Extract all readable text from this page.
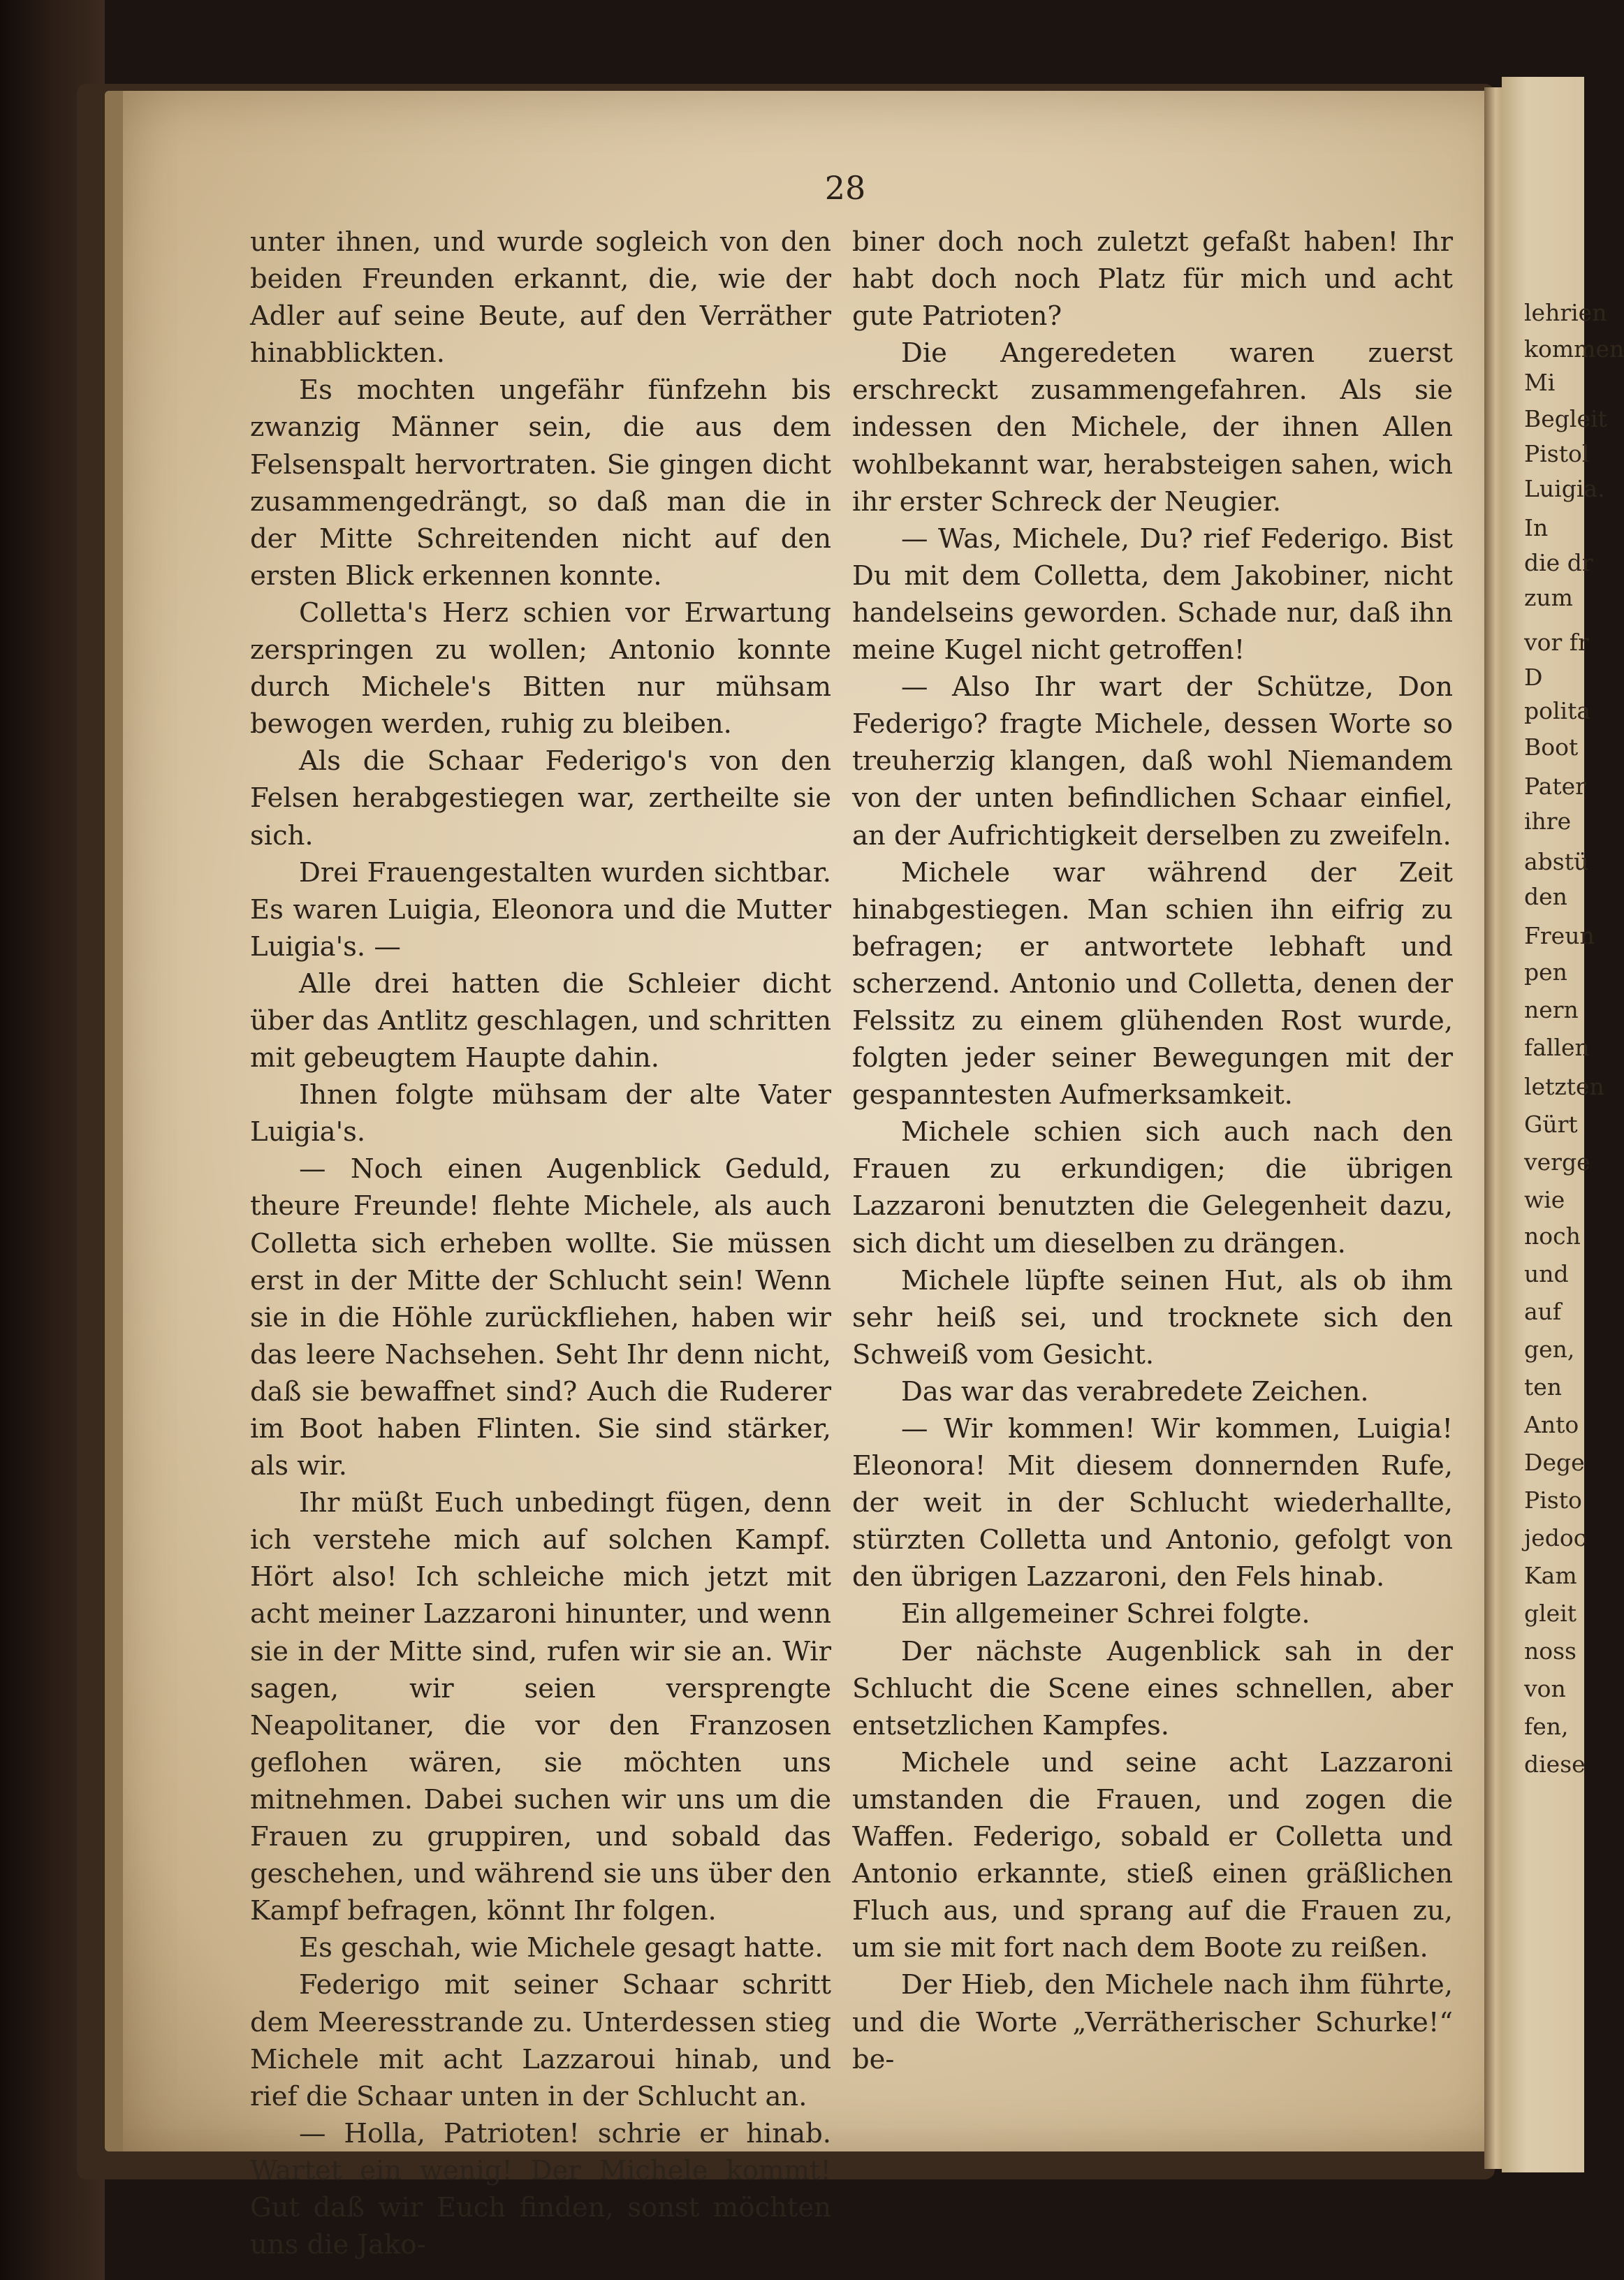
lehrien
kommen
Mi
Begleit
Pistol
Luigia.
In
die dr
zum
vor fr
D
polita
Boot
Pater
ihre
abstü
den
Freun
pen
nern
fallen
letzten
Gürt
verge
wie
noch
und
auf
gen,
ten
Anto
Dege
Pisto
jedoc
Kam
gleit
noss
von
fen,
diese
28

unter ihnen, und wurde sogleich von den beiden Freunden erkannt, die, wie der Adler auf seine Beute, auf den Verräther hinabblickten.

Es mochten ungefähr fünfzehn bis zwanzig Männer sein, die aus dem Felsenspalt hervortraten. Sie gingen dicht zusammengedrängt, so daß man die in der Mitte Schreitenden nicht auf den ersten Blick erkennen konnte.

Colletta's Herz schien vor Erwartung zerspringen zu wollen; Antonio konnte durch Michele's Bitten nur mühsam bewogen werden, ruhig zu bleiben.

Als die Schaar Federigo's von den Felsen herabgestiegen war, zertheilte sie sich.

Drei Frauengestalten wurden sichtbar. Es waren Luigia, Eleonora und die Mutter Luigia's. —

Alle drei hatten die Schleier dicht über das Antlitz geschlagen, und schritten mit gebeugtem Haupte dahin.

Ihnen folgte mühsam der alte Vater Luigia's.

— Noch einen Augenblick Geduld, theure Freunde! flehte Michele, als auch Colletta sich erheben wollte. Sie müssen erst in der Mitte der Schlucht sein! Wenn sie in die Höhle zurückfliehen, haben wir das leere Nachsehen. Seht Ihr denn nicht, daß sie bewaffnet sind? Auch die Ruderer im Boot haben Flinten. Sie sind stärker, als wir.

Ihr müßt Euch unbedingt fügen, denn ich verstehe mich auf solchen Kampf. Hört also! Ich schleiche mich jetzt mit acht meiner Lazzaroni hinunter, und wenn sie in der Mitte sind, rufen wir sie an. Wir sagen, wir seien versprengte Neapolitaner, die vor den Franzosen geflohen wären, sie möchten uns mitnehmen. Dabei suchen wir uns um die Frauen zu gruppiren, und sobald das geschehen, und während sie uns über den Kampf befragen, könnt Ihr folgen.

Es geschah, wie Michele gesagt hatte.

Federigo mit seiner Schaar schritt dem Meeresstrande zu. Unterdessen stieg Michele mit acht Lazzaroui hinab, und rief die Schaar unten in der Schlucht an.

— Holla, Patrioten! schrie er hinab. Wartet ein wenig! Der Michele kommt! Gut daß wir Euch finden, sonst möchten uns die Jako-

biner doch noch zuletzt gefaßt haben! Ihr habt doch noch Platz für mich und acht gute Patrioten?

Die Angeredeten waren zuerst erschreckt zusammengefahren. Als sie indessen den Michele, der ihnen Allen wohlbekannt war, herabsteigen sahen, wich ihr erster Schreck der Neugier.

— Was, Michele, Du? rief Federigo. Bist Du mit dem Colletta, dem Jakobiner, nicht handelseins geworden. Schade nur, daß ihn meine Kugel nicht getroffen!

— Also Ihr wart der Schütze, Don Federigo? fragte Michele, dessen Worte so treuherzig klangen, daß wohl Niemandem von der unten befindlichen Schaar einfiel, an der Aufrichtigkeit derselben zu zweifeln.

Michele war während der Zeit hinabgestiegen. Man schien ihn eifrig zu befragen; er antwortete lebhaft und scherzend. Antonio und Colletta, denen der Felssitz zu einem glühenden Rost wurde, folgten jeder seiner Bewegungen mit der gespanntesten Aufmerksamkeit.

Michele schien sich auch nach den Frauen zu erkundigen; die übrigen Lazzaroni benutzten die Gelegenheit dazu, sich dicht um dieselben zu drängen.

Michele lüpfte seinen Hut, als ob ihm sehr heiß sei, und trocknete sich den Schweiß vom Gesicht.

Das war das verabredete Zeichen.

— Wir kommen! Wir kommen, Luigia! Eleonora! Mit diesem donnernden Rufe, der weit in der Schlucht wiederhallte, stürzten Colletta und Antonio, gefolgt von den übrigen Lazzaroni, den Fels hinab.

Ein allgemeiner Schrei folgte.

Der nächste Augenblick sah in der Schlucht die Scene eines schnellen, aber entsetzlichen Kampfes.

Michele und seine acht Lazzaroni umstanden die Frauen, und zogen die Waffen. Federigo, sobald er Colletta und Antonio erkannte, stieß einen gräßlichen Fluch aus, und sprang auf die Frauen zu, um sie mit fort nach dem Boote zu reißen.

Der Hieb, den Michele nach ihm führte, und die Worte „Verrätherischer Schurke!“ be-
